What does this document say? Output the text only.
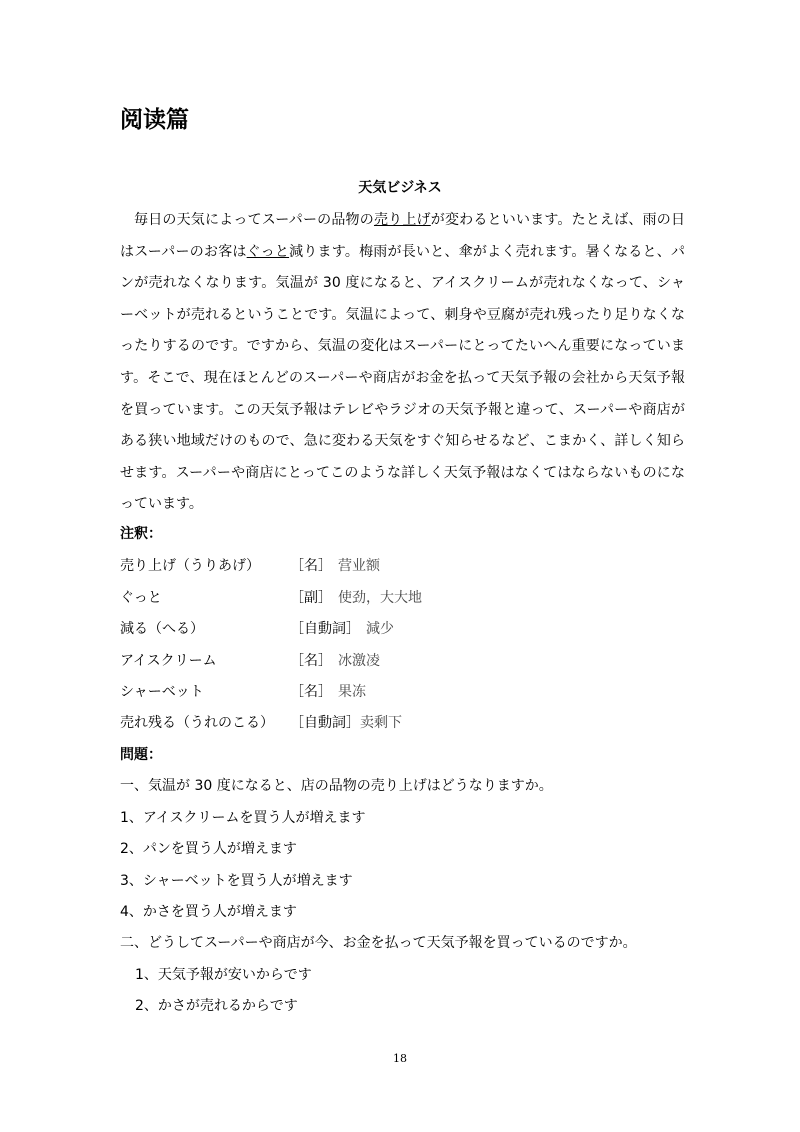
阅读篇
天気ビジネス

毎日の天気によってスーパーの品物の売り上げが変わるといいます。たとえば、雨の日はスーパーのお客はぐっと減ります。梅雨が長いと、傘がよく売れます。暑くなると、パンが売れなくなります。気温が 30 度になると、アイスクリームが売れなくなって、シャーベットが売れるということです。気温によって、刺身や豆腐が売れ残ったり足りなくなったりするのです。ですから、気温の変化はスーパーにとってたいへん重要になっています。そこで、現在ほとんどのスーパーや商店がお金を払って天気予報の会社から天気予報を買っています。この天気予報はテレビやラジオの天気予報と違って、スーパーや商店がある狭い地域だけのもので、急に変わる天気をすぐ知らせるなど、こまかく、詳しく知らせます。スーパーや商店にとってこのような詳しく天気予報はなくてはならないものになっています。

注釈：

売り上げ（うりあげ） ［名］ 营业额
ぐっと	［副］ 使劲，大大地
減る（へる）	［自動詞］ 減少
アイスクリーム	［名］ 冰激凌
シャーベット	［名］ 果冻
売れ残る（うれのこる） ［自動詞］卖剩下

問題：

一、気温が 30 度になると、店の品物の売り上げはどうなりますか。

1、アイスクリームを買う人が増えます

2、パンを買う人が増えます

3、シャーベットを買う人が増えます

4、かさを買う人が増えます

二、どうしてスーパーや商店が今、お金を払って天気予報を買っているのですか。

1、天気予報が安いからです

2、かさが売れるからです

18
